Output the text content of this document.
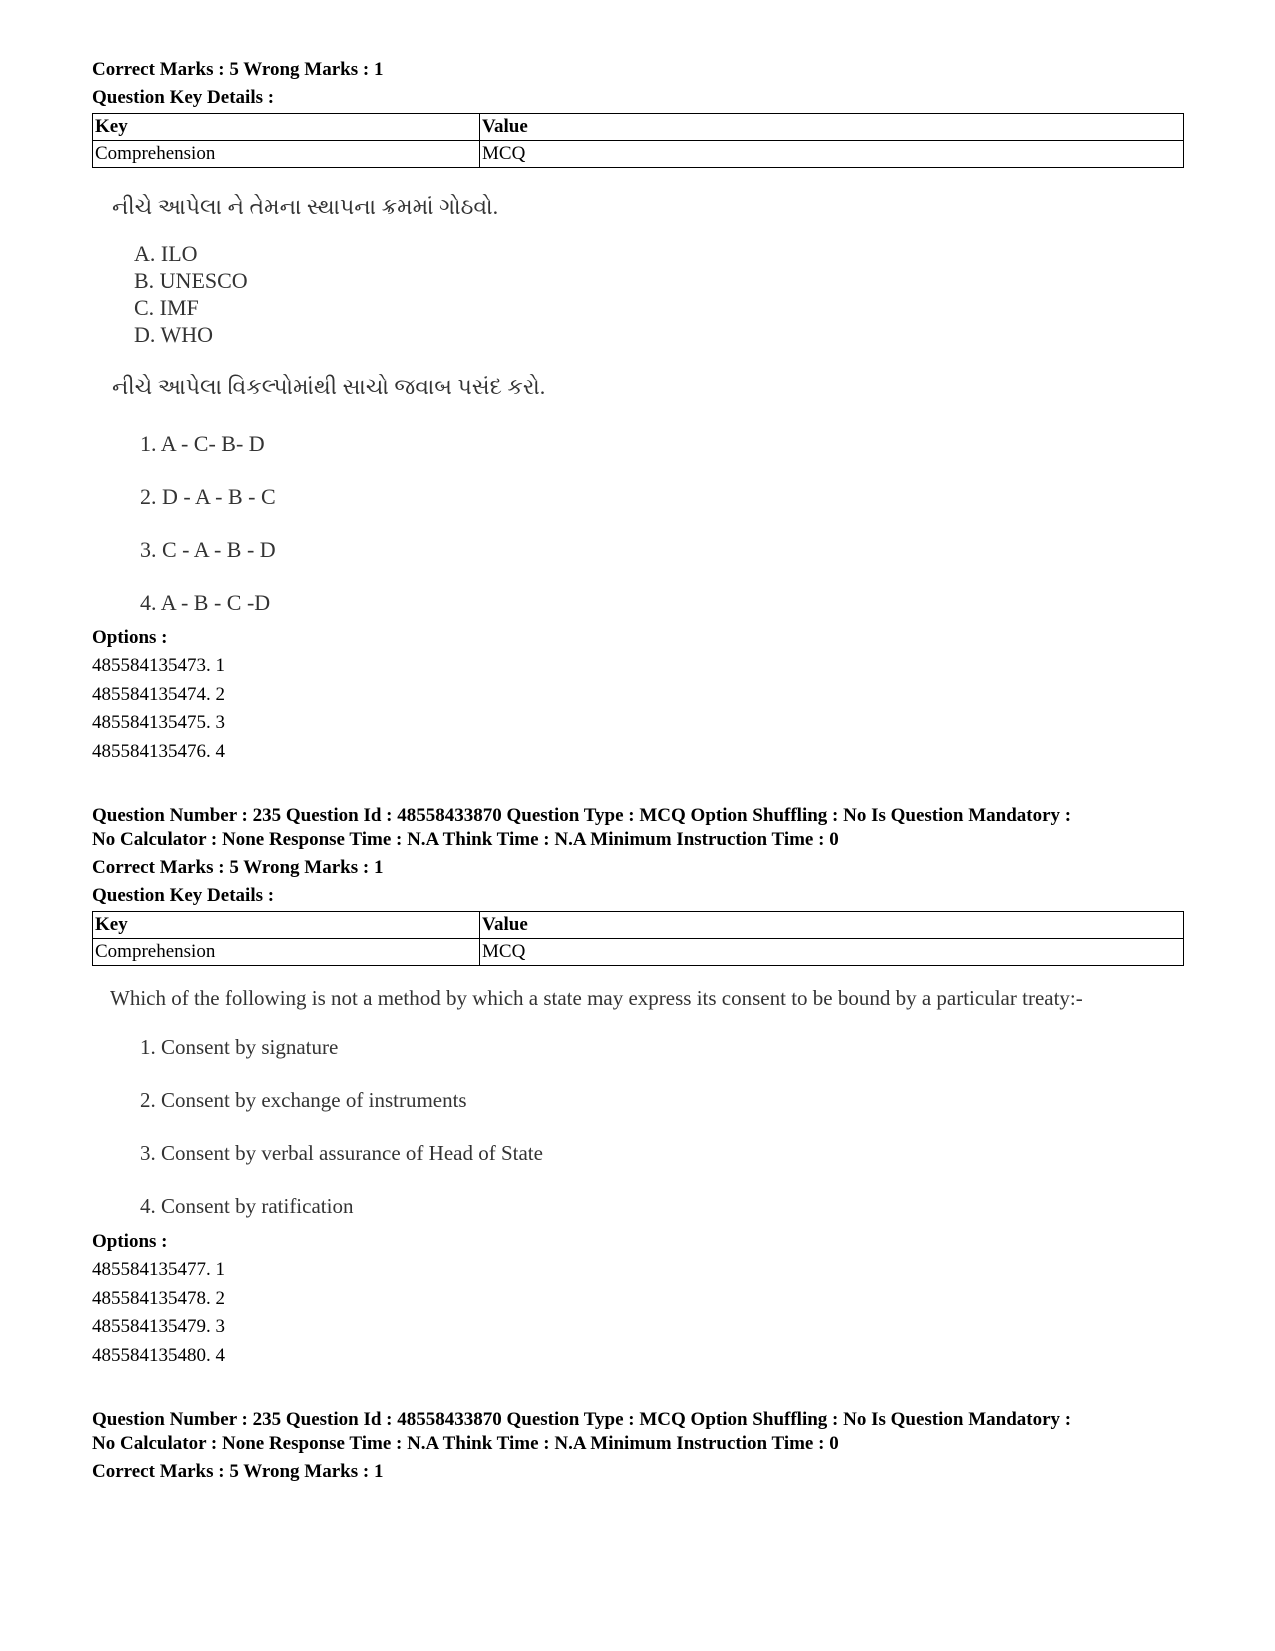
Correct Marks : 5 Wrong Marks : 1
Question Key Details :
Key	Value
Comprehension	MCQ
નીચે આપેલા ને તેમના સ્થાપના ક્રમમાં ગોઠવો.
A. ILO
B. UNESCO
C. IMF
D. WHO
નીચે આપેલા વિકલ્પોમાંથી સાચો જવાબ પસંદ કરો.
1. A - C- B- D
2. D - A - B - C
3. C - A - B - D
4. A - B - C -D
Options :
485584135473. 1
485584135474. 2
485584135475. 3
485584135476. 4
Question Number : 235 Question Id : 48558433870 Question Type : MCQ Option Shuffling : No Is Question Mandatory :
No Calculator : None Response Time : N.A Think Time : N.A Minimum Instruction Time : 0
Correct Marks : 5 Wrong Marks : 1
Question Key Details :
Key	Value
Comprehension	MCQ
Which of the following is not a method by which a state may express its consent to be bound by a particular treaty:-
1. Consent by signature
2. Consent by exchange of instruments
3. Consent by verbal assurance of Head of State
4. Consent by ratification
Options :
485584135477. 1
485584135478. 2
485584135479. 3
485584135480. 4
Question Number : 235 Question Id : 48558433870 Question Type : MCQ Option Shuffling : No Is Question Mandatory :
No Calculator : None Response Time : N.A Think Time : N.A Minimum Instruction Time : 0
Correct Marks : 5 Wrong Marks : 1
